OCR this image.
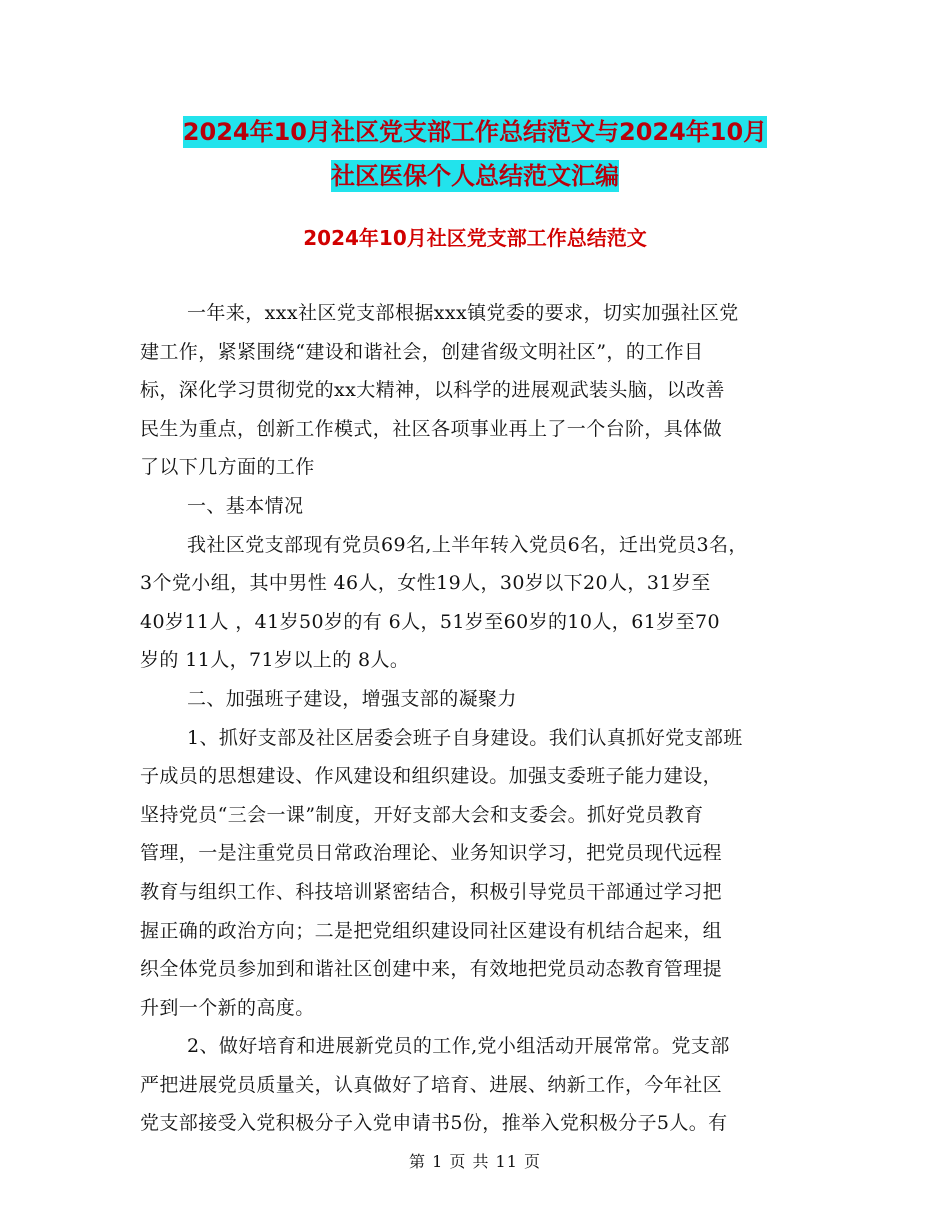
2024年10月社区党支部工作总结范文与2024年10月
社区医保个人总结范文汇编
2024年10月社区党支部工作总结范文
一年来，xxx社区党支部根据xxx镇党委的要求，切实加强社区党
建工作，紧紧围绕“建设和谐社会，创建省级文明社区”，的工作目
标，深化学习贯彻党的xx大精神，以科学的进展观武装头脑，以改善
民生为重点，创新工作模式，社区各项事业再上了一个台阶，具体做
了以下几方面的工作
一、基本情况
我社区党支部现有党员69名,上半年转入党员6名，迁出党员3名，
3个党小组，其中男性 46人，女性19人，30岁以下20人，31岁至
40岁11人 ，41岁50岁的有 6人，51岁至60岁的10人，61岁至70
岁的 11人，71岁以上的 8人。
二、加强班子建设，增强支部的凝聚力
1、抓好支部及社区居委会班子自身建设。我们认真抓好党支部班
子成员的思想建设、作风建设和组织建设。加强支委班子能力建设，
坚持党员“三会一课”制度，开好支部大会和支委会。抓好党员教育
管理，一是注重党员日常政治理论、业务知识学习，把党员现代远程
教育与组织工作、科技培训紧密结合，积极引导党员干部通过学习把
握正确的政治方向；二是把党组织建设同社区建设有机结合起来，组
织全体党员参加到和谐社区创建中来，有效地把党员动态教育管理提
升到一个新的高度。
2、做好培育和进展新党员的工作,党小组活动开展常常。党支部
严把进展党员质量关，认真做好了培育、进展、纳新工作，今年社区
党支部接受入党积极分子入党申请书5份，推举入党积极分子5人。有
第 1 页 共 11 页
